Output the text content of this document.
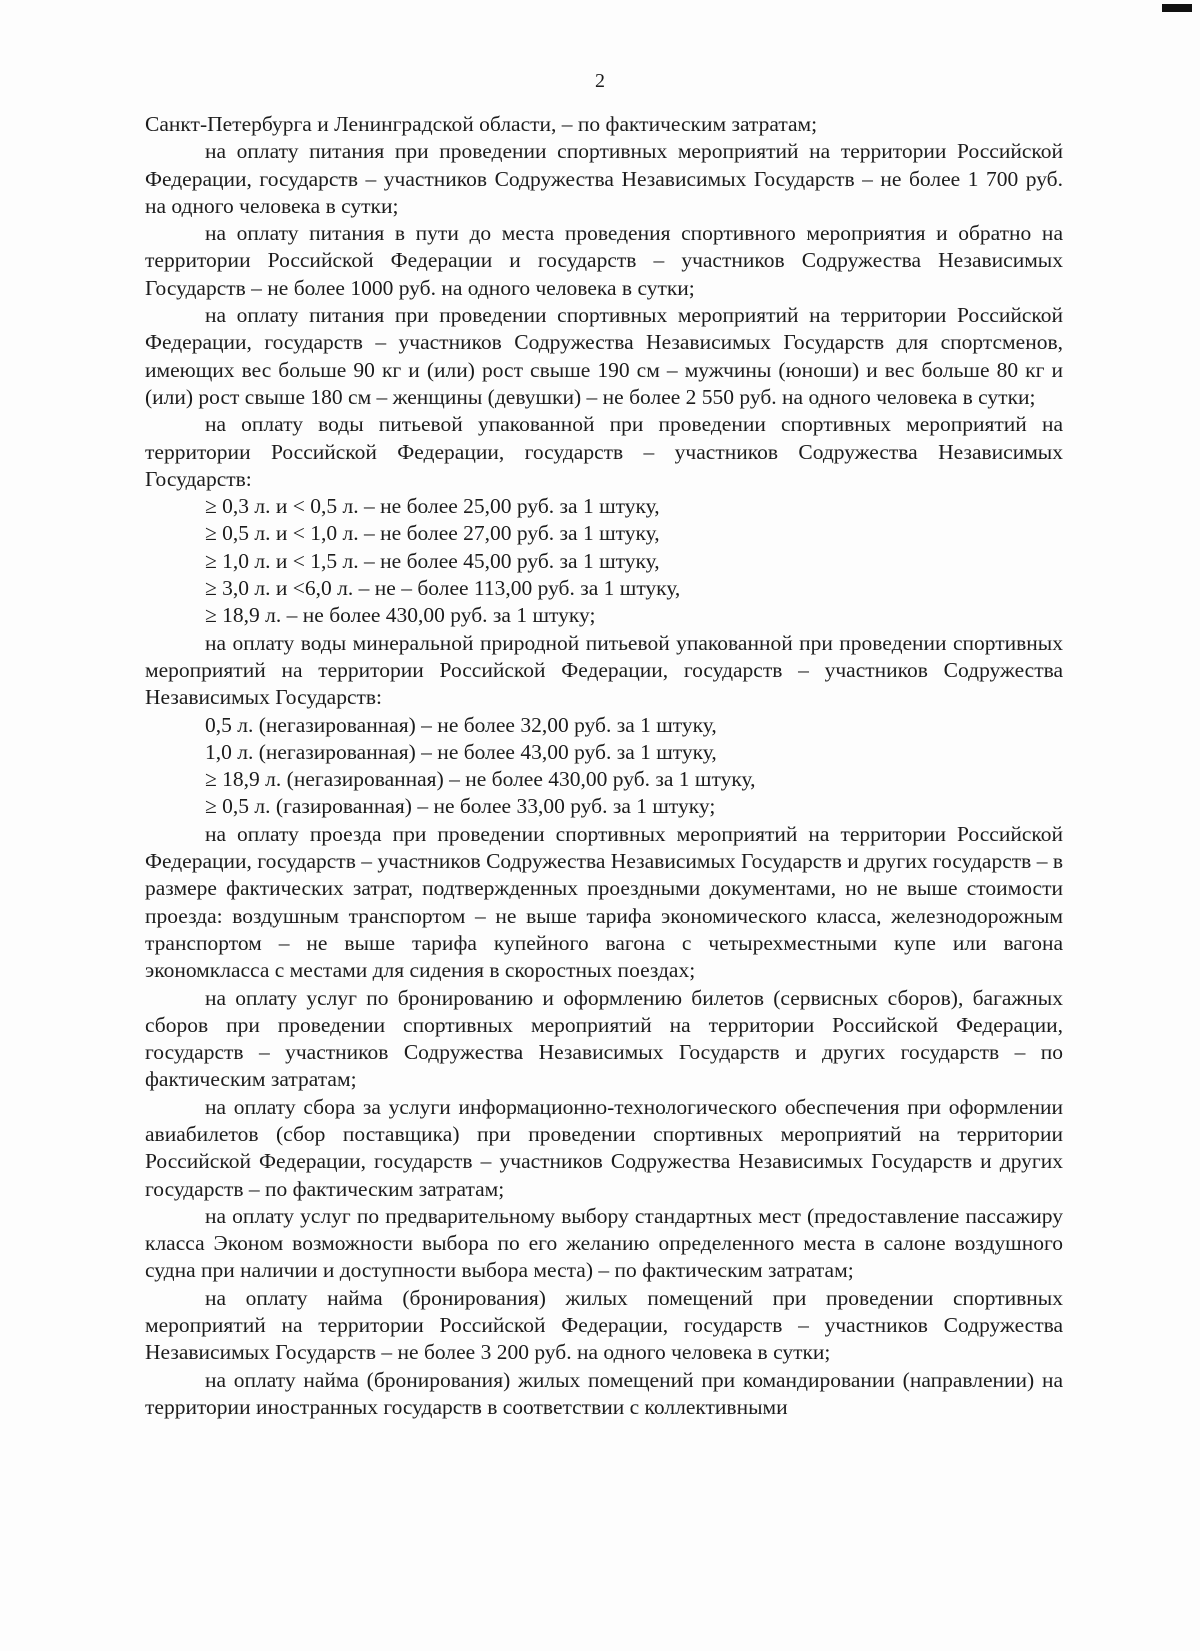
2

Санкт-Петербурга и Ленинградской области, – по фактическим затратам;

на оплату питания при проведении спортивных мероприятий на территории Российской Федерации, государств – участников Содружества Независимых Государств – не более 1 700 руб. на одного человека в сутки;

на оплату питания в пути до места проведения спортивного мероприятия и обратно на территории Российской Федерации и государств – участников Содружества Независимых Государств – не более 1000 руб. на одного человека в сутки;

на оплату питания при проведении спортивных мероприятий на территории Российской Федерации, государств – участников Содружества Независимых Государств для спортсменов, имеющих вес больше 90 кг и (или) рост свыше 190 см – мужчины (юноши) и вес больше 80 кг и (или) рост свыше 180 см – женщины (девушки) – не более 2 550 руб. на одного человека в сутки;

на оплату воды питьевой упакованной при проведении спортивных мероприятий на территории Российской Федерации, государств – участников Содружества Независимых Государств:

≥ 0,3 л. и < 0,5 л. – не более 25,00 руб. за 1 штуку,

≥ 0,5 л. и < 1,0 л. – не более 27,00 руб. за 1 штуку,

≥ 1,0 л. и < 1,5 л. – не более 45,00 руб. за 1 штуку,

≥ 3,0 л. и <6,0 л. – не – более 113,00 руб. за 1 штуку,

≥ 18,9 л. – не более 430,00 руб. за 1 штуку;

на оплату воды минеральной природной питьевой упакованной при проведении спортивных мероприятий на территории Российской Федерации, государств – участников Содружества Независимых Государств:

0,5 л. (негазированная) – не более 32,00 руб. за 1 штуку,

1,0 л. (негазированная) – не более 43,00 руб. за 1 штуку,

≥ 18,9 л. (негазированная) – не более 430,00 руб. за 1 штуку,

≥ 0,5 л. (газированная) – не более 33,00 руб. за 1 штуку;

на оплату проезда при проведении спортивных мероприятий на территории Российской Федерации, государств – участников Содружества Независимых Государств и других государств – в размере фактических затрат, подтвержденных проездными документами, но не выше стоимости проезда: воздушным транспортом – не выше тарифа экономического класса, железнодорожным транспортом – не выше тарифа купейного вагона с четырехместными купе или вагона экономкласса с местами для сидения в скоростных поездах;

на оплату услуг по бронированию и оформлению билетов (сервисных сборов), багажных сборов при проведении спортивных мероприятий на территории Российской Федерации, государств – участников Содружества Независимых Государств и других государств – по фактическим затратам;

на оплату сбора за услуги информационно-технологического обеспечения при оформлении авиабилетов (сбор поставщика) при проведении спортивных мероприятий на территории Российской Федерации, государств – участников Содружества Независимых Государств и других государств – по фактическим затратам;

на оплату услуг по предварительному выбору стандартных мест (предоставление пассажиру класса Эконом возможности выбора по его желанию определенного места в салоне воздушного судна при наличии и доступности выбора места) – по фактическим затратам;

на оплату найма (бронирования) жилых помещений при проведении спортивных мероприятий на территории Российской Федерации, государств – участников Содружества Независимых Государств – не более 3 200 руб. на одного человека в сутки;

на оплату найма (бронирования) жилых помещений при командировании (направлении) на территории иностранных государств в соответствии с коллективными
